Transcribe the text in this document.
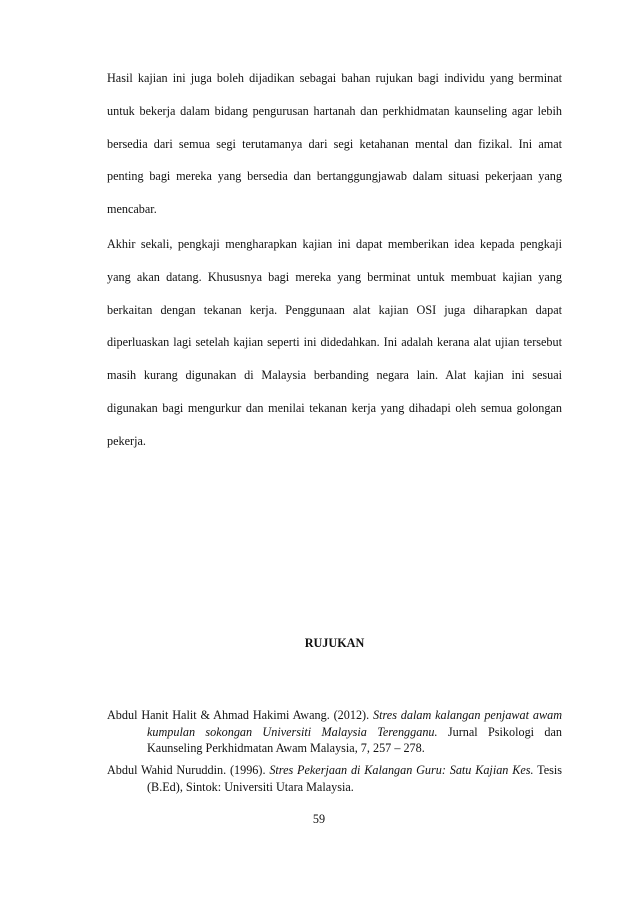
Hasil kajian ini juga boleh dijadikan sebagai bahan rujukan bagi individu yang berminat untuk bekerja dalam bidang pengurusan hartanah dan perkhidmatan kaunseling agar lebih bersedia dari semua segi terutamanya dari segi ketahanan mental dan fizikal. Ini amat penting bagi mereka yang bersedia dan bertanggungjawab dalam situasi pekerjaan yang mencabar.

Akhir sekali, pengkaji mengharapkan kajian ini dapat memberikan idea kepada pengkaji yang akan datang. Khususnya bagi mereka yang berminat untuk membuat kajian yang berkaitan dengan tekanan kerja. Penggunaan alat kajian OSI juga diharapkan dapat diperluaskan lagi setelah kajian seperti ini didedahkan. Ini adalah kerana alat ujian tersebut masih kurang digunakan di Malaysia berbanding negara lain. Alat kajian ini sesuai digunakan bagi mengurkur dan menilai tekanan kerja yang dihadapi oleh semua golongan pekerja.

RUJUKAN

Abdul Hanit Halit & Ahmad Hakimi Awang. (2012). Stres dalam kalangan penjawat awam kumpulan sokongan Universiti Malaysia Terengganu. Jurnal Psikologi dan Kaunseling Perkhidmatan Awam Malaysia, 7, 257 – 278.

Abdul Wahid Nuruddin. (1996). Stres Pekerjaan di Kalangan Guru: Satu Kajian Kes. Tesis (B.Ed), Sintok: Universiti Utara Malaysia.

59
